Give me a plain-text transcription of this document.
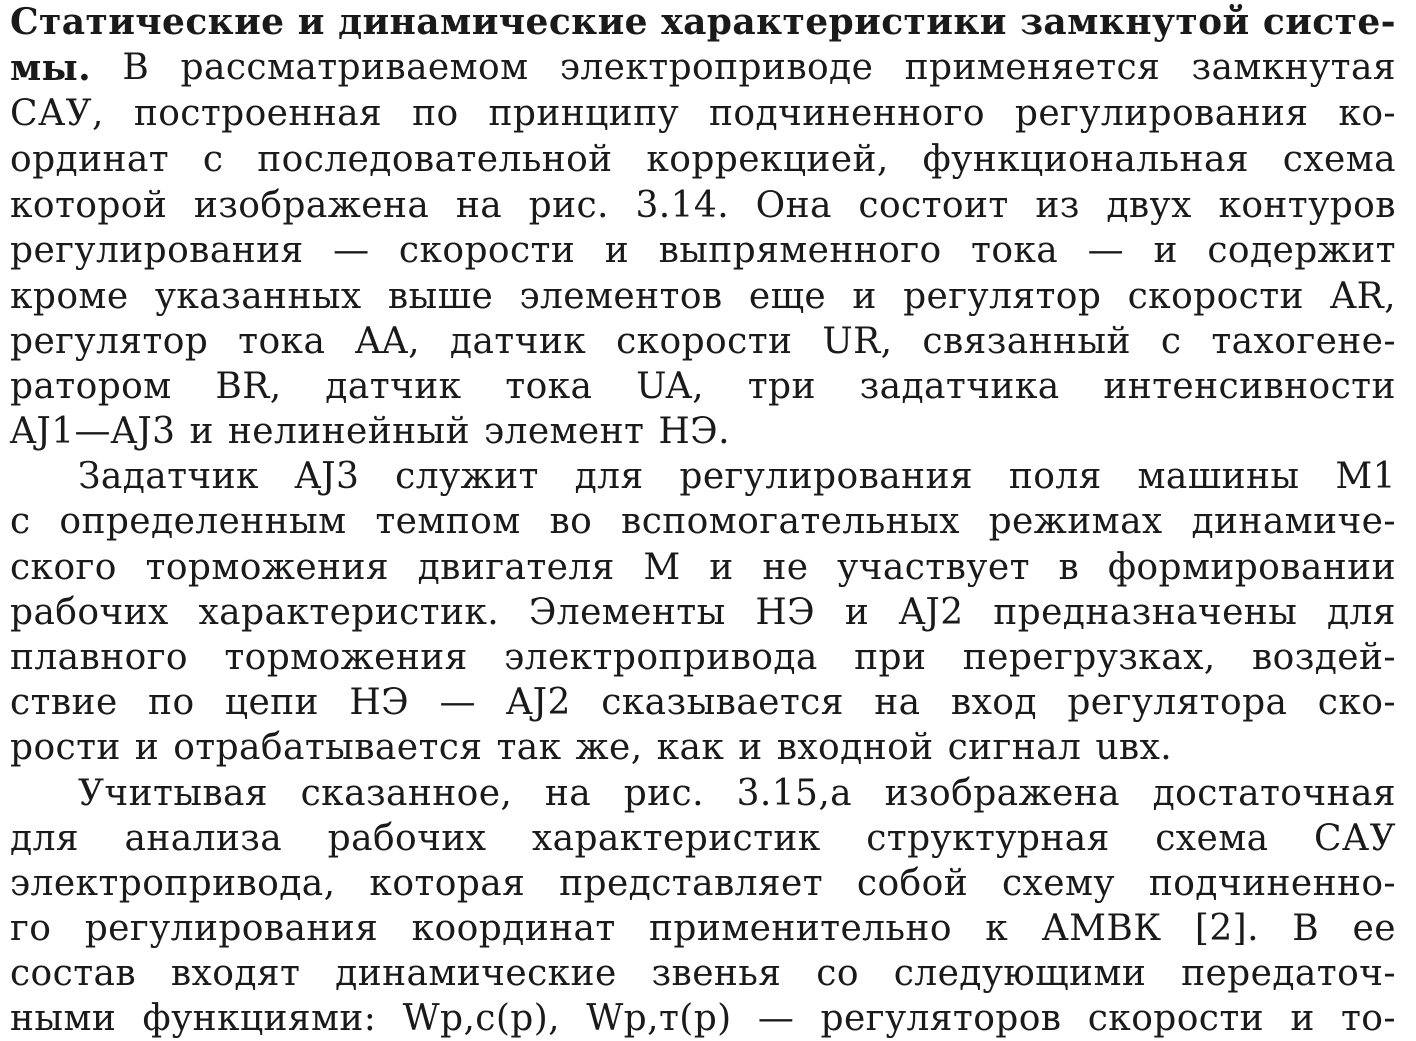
Статические и динамические характеристики замкнутой систе-
мы. В рассматриваемом электроприводе применяется замкнутая
САУ, построенная по принципу подчиненного регулирования ко-
ординат с последовательной коррекцией, функциональная схема
которой изображена на рис. 3.14. Она состоит из двух контуров
регулирования — скорости и выпряменного тока — и содержит
кроме указанных выше элементов еще и регулятор скорости AR,
регулятор тока AA, датчик скорости UR, связанный с тахогене-
ратором BR, датчик тока UA, три задатчика интенсивности
AJ1—AJ3 и нелинейный элемент НЭ.
Задатчик AJ3 служит для регулирования поля машины M1
с определенным темпом во вспомогательных режимах динамиче-
ского торможения двигателя M и не участвует в формировании
рабочих характеристик. Элементы НЭ и AJ2 предназначены для
плавного торможения электропривода при перегрузках, воздей-
ствие по цепи НЭ — AJ2 сказывается на вход регулятора ско-
рости и отрабатывается так же, как и входной сигнал uвх.
Учитывая сказанное, на рис. 3.15,a изображена достаточная
для анализа рабочих характеристик структурная схема САУ
электропривода, которая представляет собой схему подчиненно-
го регулирования координат применительно к АМВК [2]. В ее
состав входят динамические звенья со следующими передаточ-
ными функциями: Wр,с(p), Wр,т(p) — регуляторов скорости и то-
